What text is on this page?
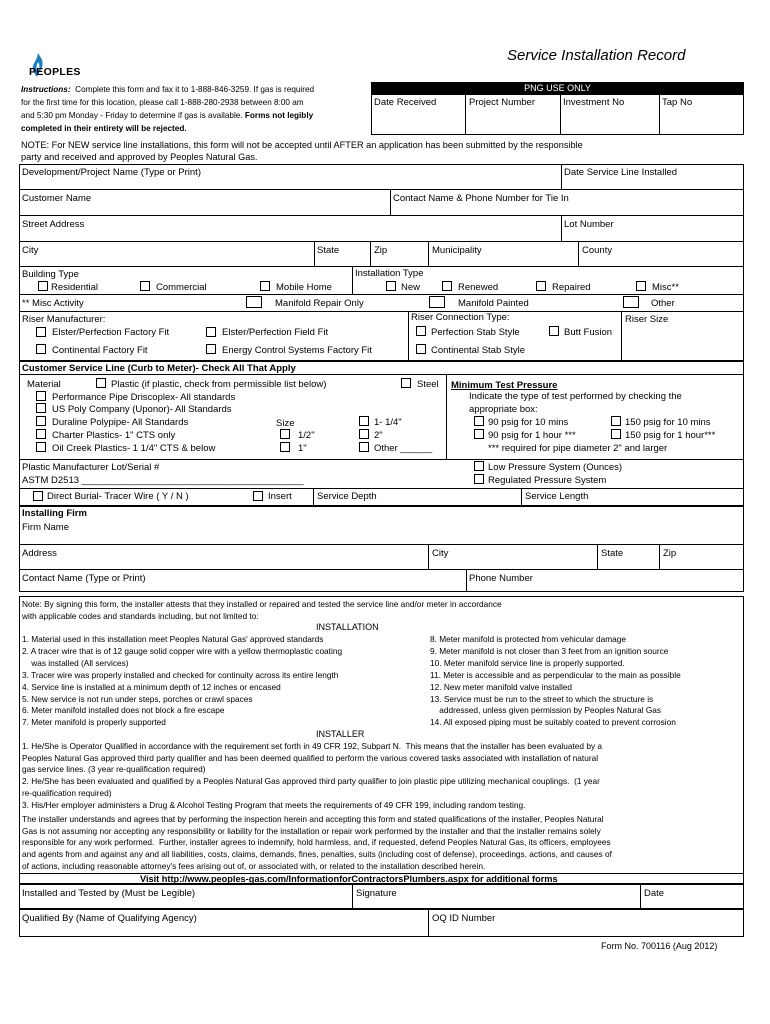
PEOPLES
Service Installation Record
Instructions: Complete this form and fax it to 1-888-846-3259. If gas is required
for the first time for this location, please call 1-888-280-2938 between 8:00 am
and 5:30 pm Monday - Friday to determine if gas is available. Forms not legibly
completed in their entirety will be rejected.
PNG USE ONLY
Date Received	Project Number	Investment No	Tap No
NOTE: For NEW service line installations, this form will not be accepted until AFTER an application has been submitted by the responsible
party and received and approved by Peoples Natural Gas.
Development/Project Name (Type or Print)	Date Service Line Installed
Customer Name	Contact Name & Phone Number for Tie In
Street Address	Lot Number
City	State	Zip	Municipality	County
Building Type
Residential	Commercial	Mobile Home
Installation Type
New	Renewed	Repaired	Misc**
** Misc Activity	Manifold Repair Only	Manifold Painted	Other
Riser Manufacturer:
Elster/Perfection Factory Fit	Elster/Perfection Field Fit
Continental Factory Fit	Energy Control Systems Factory Fit
Riser Connection Type:
Perfection Stab Style	Butt Fusion
Continental Stab Style
Riser Size
Customer Service Line (Curb to Meter)- Check All That Apply
Material	Plastic (if plastic, check from permissible list below)	Steel
Performance Pipe Driscoplex- All standards
US Poly Company (Uponor)- All Standards
Duraline Polypipe- All Standards
Charter Plastics- 1" CTS only
Oil Creek Plastics- 1 1/4" CTS & below
Size
1/2"
1"
1- 1/4"
2"
Other ______
Minimum Test Pressure
Indicate the type of test performed by checking the
appropriate box:
90 psig for 10 mins	150 psig for 10 mins
90 psig for 1 hour ***	150 psig for 1 hour***
*** required for pipe diameter 2" and larger
Plastic Manufacturer Lot/Serial #
ASTM D2513 __________________________________________
Low Pressure System (Ounces)
Regulated Pressure System
Direct Burial- Tracer Wire ( Y / N )	Insert	Service Depth	Service Length
Installing Firm
Firm Name
Address	City	State	Zip
Contact Name (Type or Print)	Phone Number
Note: By signing this form, the installer attests that they installed or repaired and tested the service line and/or meter in accordance
with applicable codes and standards including, but not limited to:
INSTALLATION
1. Material used in this installation meet Peoples Natural Gas' approved standards
2. A tracer wire that is of 12 gauge solid copper wire with a yellow thermoplastic coating
was installed (All services)
3. Tracer wire was properly installed and checked for continuity across its entire length
4. Service line is installed at a minimum depth of 12 inches or encased
5. New service is not run under steps, porches or crawl spaces
6. Meter manifold installed does not block a fire escape
7. Meter manifold is properly supported
8. Meter manifold is protected from vehicular damage
9. Meter manifold is not closer than 3 feet from an ignition source
10. Meter manifold service line is properly supported.
11. Meter is accessible and as perpendicular to the main as possible
12. New meter manifold valve installed
13. Service must be run to the street to which the structure is
addressed, unless given permission by Peoples Natural Gas
14. All exposed piping must be suitably coated to prevent corrosion
INSTALLER
1. He/She is Operator Qualified in accordance with the requirement set forth in 49 CFR 192, Subpart N.  This means that the installer has been evaluated by a
Peoples Natural Gas approved third party qualifier and has been deemed qualified to perform the various covered tasks associated with installation of natural
gas service lines. (3 year re-qualification required)
2. He/She has been evaluated and qualified by a Peoples Natural Gas approved third party qualifier to join plastic pipe utilizing mechanical couplings.  (1 year
re-qualification required)
3. His/Her employer administers a Drug & Alcohol Testing Program that meets the requirements of 49 CFR 199, including random testing.
The installer understands and agrees that by performing the inspection herein and accepting this form and stated qualifications of the installer, Peoples Natural
Gas is not assuming nor accepting any responsibility or liability for the installation or repair work performed by the installer and that the installer remains solely
responsible for any work performed.  Further, installer agrees to indemnify, hold harmless, and, if requested, defend Peoples Natural Gas, its officers, employees
and agents from and against any and all liabilities, costs, claims, demands, fines, penalties, suits (including cost of defense), proceedings, actions, and causes of
of actions, including reasonable attorney's fees arising out of, or associated with, or related to the installation described herein.
Visit http://www.peoples-gas.com/InformationforContractorsPlumbers.aspx for additional forms
Installed and Tested by (Must be Legible)	Signature	Date
Qualified By (Name of Qualifying Agency)	OQ ID Number
Form No. 700116 (Aug 2012)
